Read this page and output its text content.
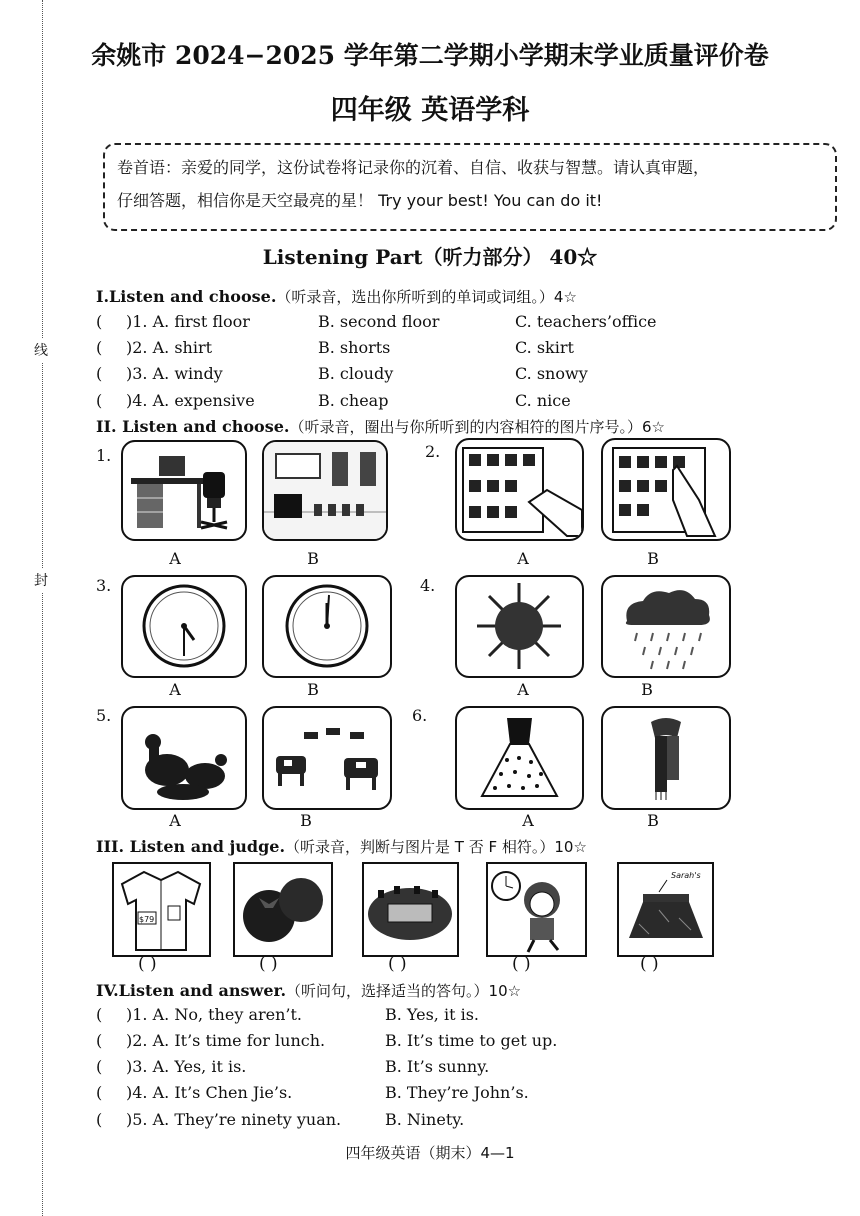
线
封
余姚市 2024−2025 学年第二学期小学期末学业质量评价卷
四年级 英语学科

卷首语：亲爱的同学，这份试卷将记录你的沉着、自信、收获与智慧。请认真审题，

仔细答题，相信你是天空最亮的星！ Try your best! You can do it!

Listening Part（听力部分） 40☆
I.Listen and choose.（听录音，选出你所听到的单词或词组。）4☆
( )1. A. first floor	B. second floor	C. teachers’office
( )2. A. shirt	B. shorts	C. skirt
( )3. A. windy	B. cloudy	C. snowy
( )4. A. expensive	B. cheap	C. nice
II. Listen and choose.（听录音，圈出与你所听到的内容相符的图片序号。）6☆
1.	2.
A	B	A	B
3.	4.
A	B	A	B
5.	6.
A	B	A	B
III. Listen and judge.（听录音，判断与图片是 T 否 F 相符。）10☆
$79
Sarah's
( )	( )	( )	( )	( )
IV.Listen and answer.（听问句，选择适当的答句。）10☆
( )1. A. No, they aren’t.	B. Yes, it is.
( )2. A. It’s time for lunch.	B. It’s time to get up.
( )3. A. Yes, it is.	B. It’s sunny.
( )4. A. It’s Chen Jie’s.	B. They’re John’s.
( )5. A. They’re ninety yuan.	B. Ninety.
四年级英语（期末）4—1
